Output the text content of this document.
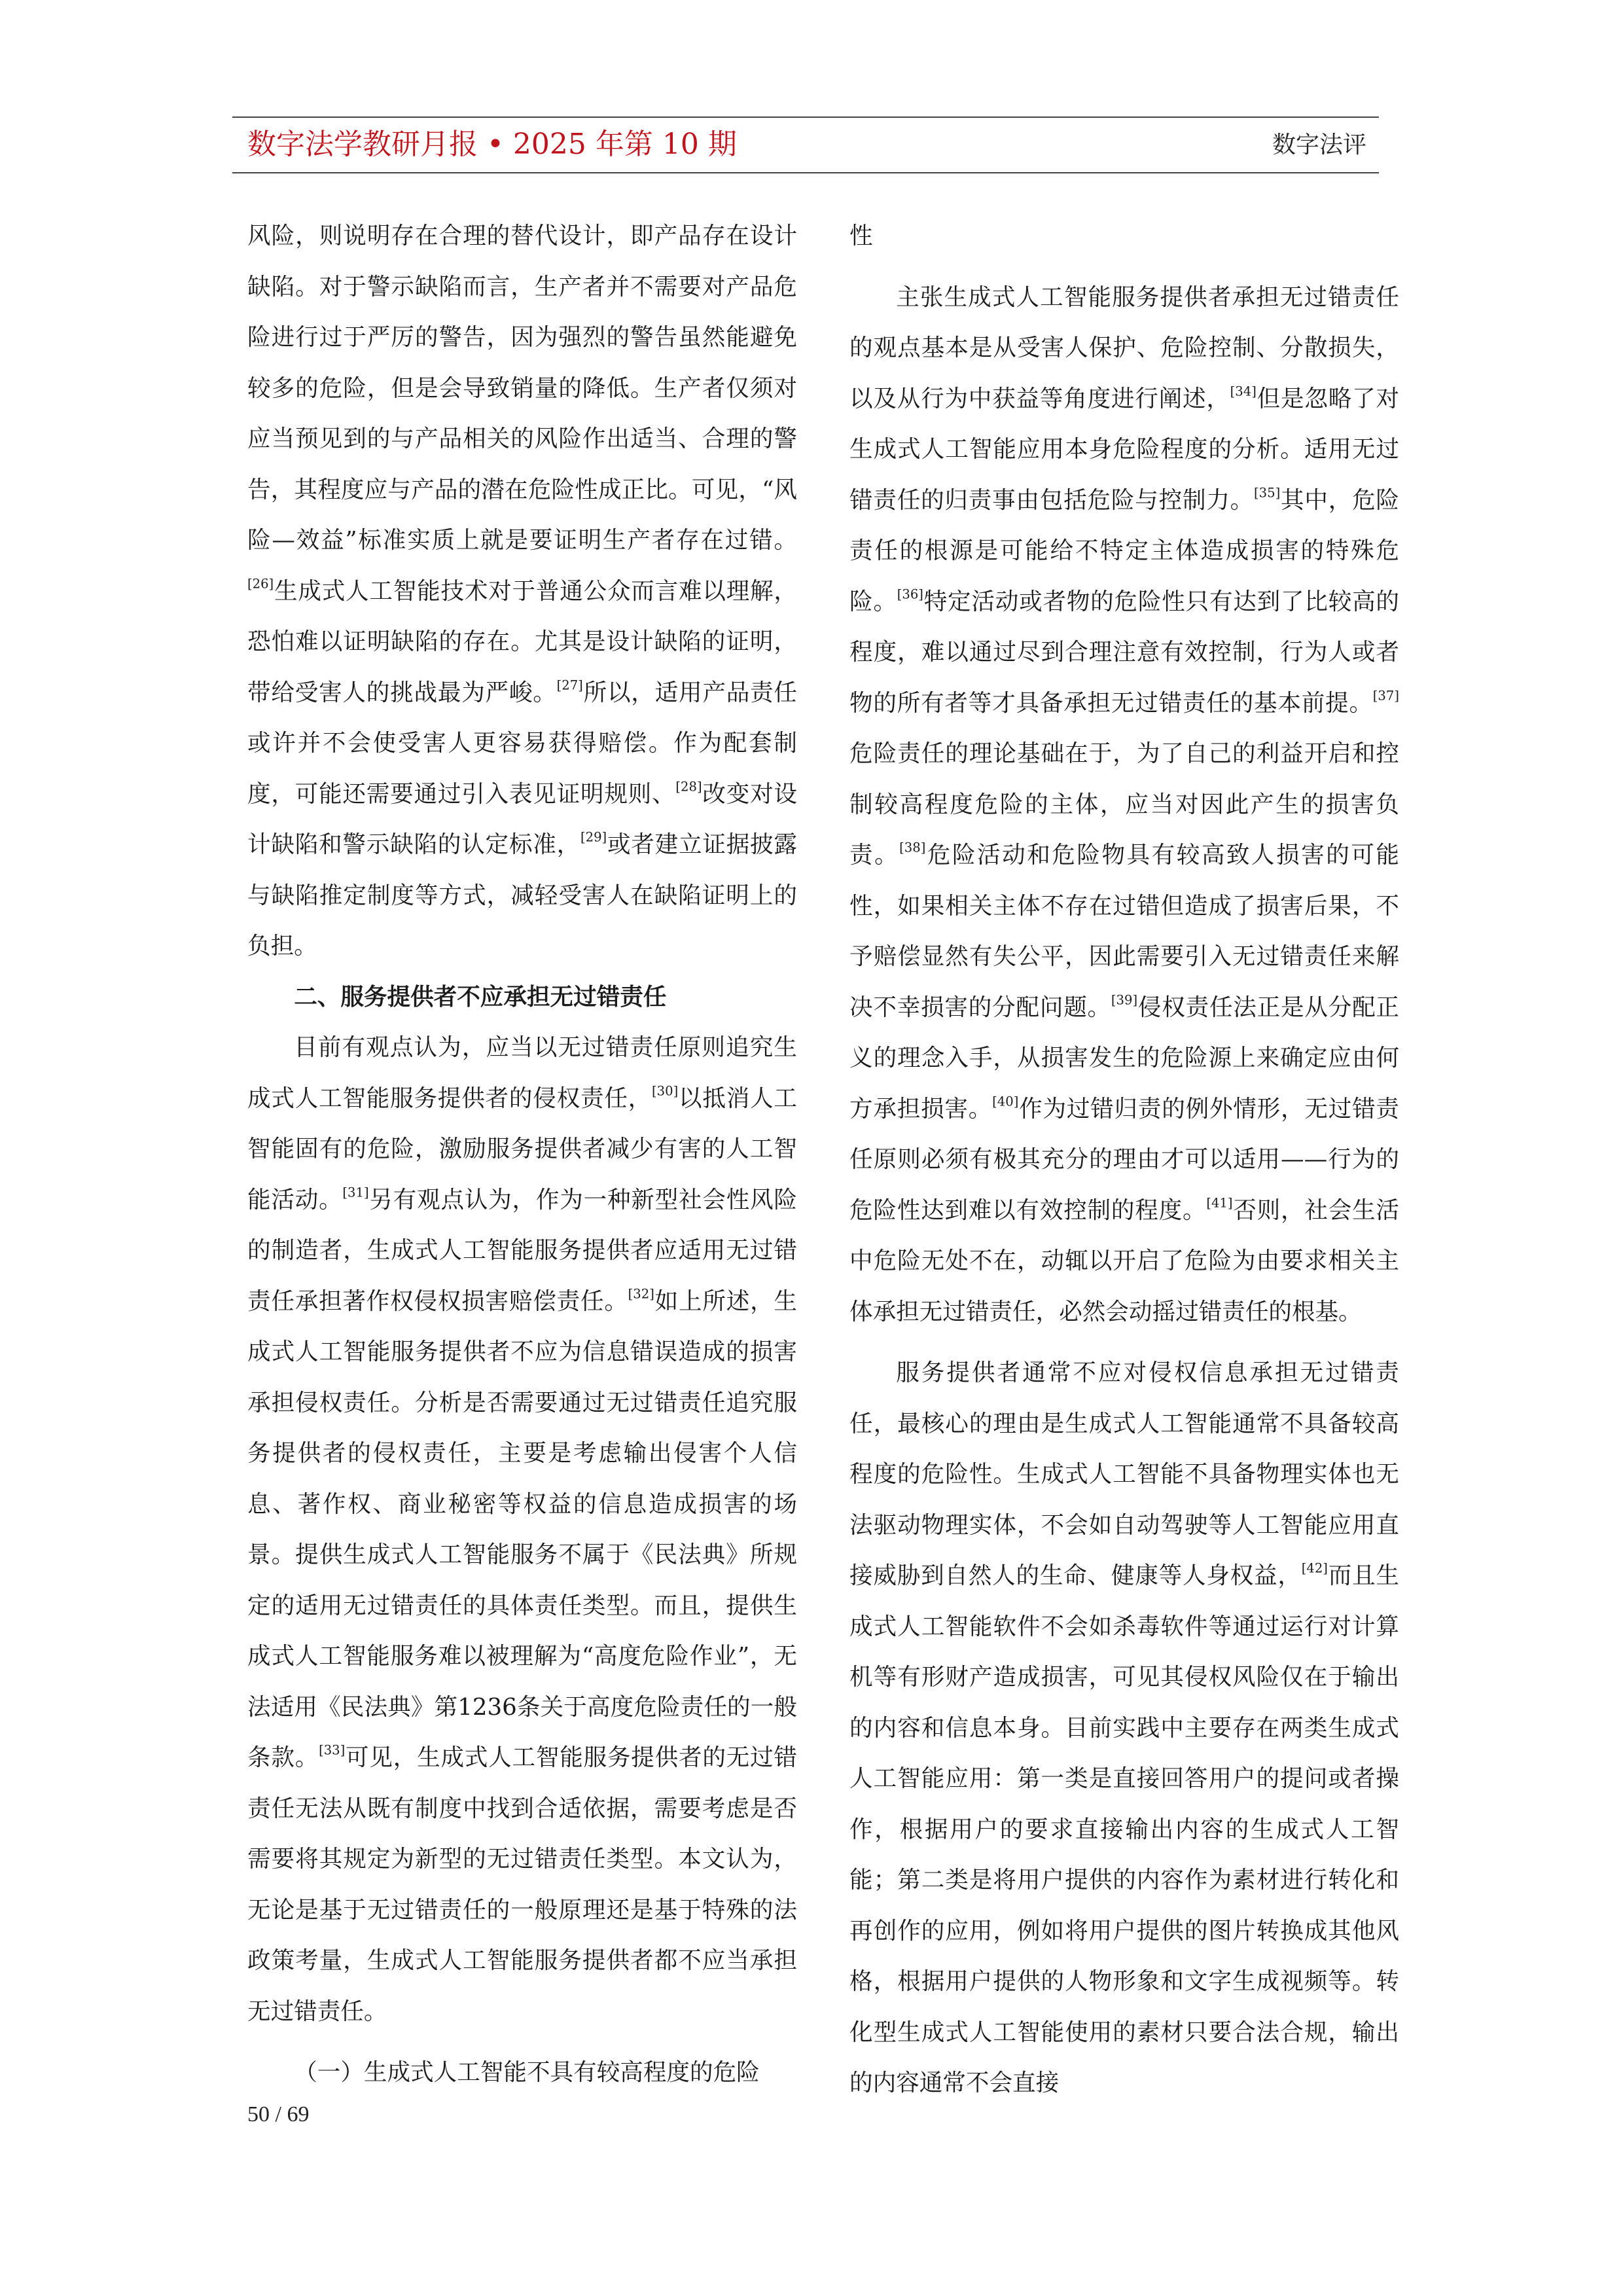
数字法学教研月报 • 2025 年第 10 期	数字法评

风险，则说明存在合理的替代设计，即产品存在设计缺陷。对于警示缺陷而言，生产者并不需要对产品危险进行过于严厉的警告，因为强烈的警告虽然能避免较多的危险，但是会导致销量的降低。生产者仅须对应当预见到的与产品相关的风险作出适当、合理的警告，其程度应与产品的潜在危险性成正比。可见，“风险—效益”标准实质上就是要证明生产者存在过错。[26]生成式人工智能技术对于普通公众而言难以理解，恐怕难以证明缺陷的存在。尤其是设计缺陷的证明，带给受害人的挑战最为严峻。[27]所以，适用产品责任或许并不会使受害人更容易获得赔偿。作为配套制度，可能还需要通过引入表见证明规则、[28]改变对设计缺陷和警示缺陷的认定标准，[29]或者建立证据披露与缺陷推定制度等方式，减轻受害人在缺陷证明上的负担。

二、服务提供者不应承担无过错责任

目前有观点认为，应当以无过错责任原则追究生成式人工智能服务提供者的侵权责任，[30]以抵消人工智能固有的危险，激励服务提供者减少有害的人工智能活动。[31]另有观点认为，作为一种新型社会性风险的制造者，生成式人工智能服务提供者应适用无过错责任承担著作权侵权损害赔偿责任。[32]如上所述，生成式人工智能服务提供者不应为信息错误造成的损害承担侵权责任。分析是否需要通过无过错责任追究服务提供者的侵权责任，主要是考虑输出侵害个人信息、著作权、商业秘密等权益的信息造成损害的场景。提供生成式人工智能服务不属于《民法典》所规定的适用无过错责任的具体责任类型。而且，提供生成式人工智能服务难以被理解为“高度危险作业”，无法适用《民法典》第1236条关于高度危险责任的一般条款。[33]可见，生成式人工智能服务提供者的无过错责任无法从既有制度中找到合适依据，需要考虑是否需要将其规定为新型的无过错责任类型。本文认为，无论是基于无过错责任的一般原理还是基于特殊的法政策考量，生成式人工智能服务提供者都不应当承担无过错责任。

（一）生成式人工智能不具有较高程度的危险

性

主张生成式人工智能服务提供者承担无过错责任的观点基本是从受害人保护、危险控制、分散损失，以及从行为中获益等角度进行阐述，[34]但是忽略了对生成式人工智能应用本身危险程度的分析。适用无过错责任的归责事由包括危险与控制力。[35]其中，危险责任的根源是可能给不特定主体造成损害的特殊危险。[36]特定活动或者物的危险性只有达到了比较高的程度，难以通过尽到合理注意有效控制，行为人或者物的所有者等才具备承担无过错责任的基本前提。[37]危险责任的理论基础在于，为了自己的利益开启和控制较高程度危险的主体，应当对因此产生的损害负责。[38]危险活动和危险物具有较高致人损害的可能性，如果相关主体不存在过错但造成了损害后果，不予赔偿显然有失公平，因此需要引入无过错责任来解决不幸损害的分配问题。[39]侵权责任法正是从分配正义的理念入手，从损害发生的危险源上来确定应由何方承担损害。[40]作为过错归责的例外情形，无过错责任原则必须有极其充分的理由才可以适用——行为的危险性达到难以有效控制的程度。[41]否则，社会生活中危险无处不在，动辄以开启了危险为由要求相关主体承担无过错责任，必然会动摇过错责任的根基。

服务提供者通常不应对侵权信息承担无过错责任，最核心的理由是生成式人工智能通常不具备较高程度的危险性。生成式人工智能不具备物理实体也无法驱动物理实体，不会如自动驾驶等人工智能应用直接威胁到自然人的生命、健康等人身权益，[42]而且生成式人工智能软件不会如杀毒软件等通过运行对计算机等有形财产造成损害，可见其侵权风险仅在于输出的内容和信息本身。目前实践中主要存在两类生成式人工智能应用：第一类是直接回答用户的提问或者操作，根据用户的要求直接输出内容的生成式人工智能；第二类是将用户提供的内容作为素材进行转化和再创作的应用，例如将用户提供的图片转换成其他风格，根据用户提供的人物形象和文字生成视频等。转化型生成式人工智能使用的素材只要合法合规，输出的内容通常不会直接

50 / 69
